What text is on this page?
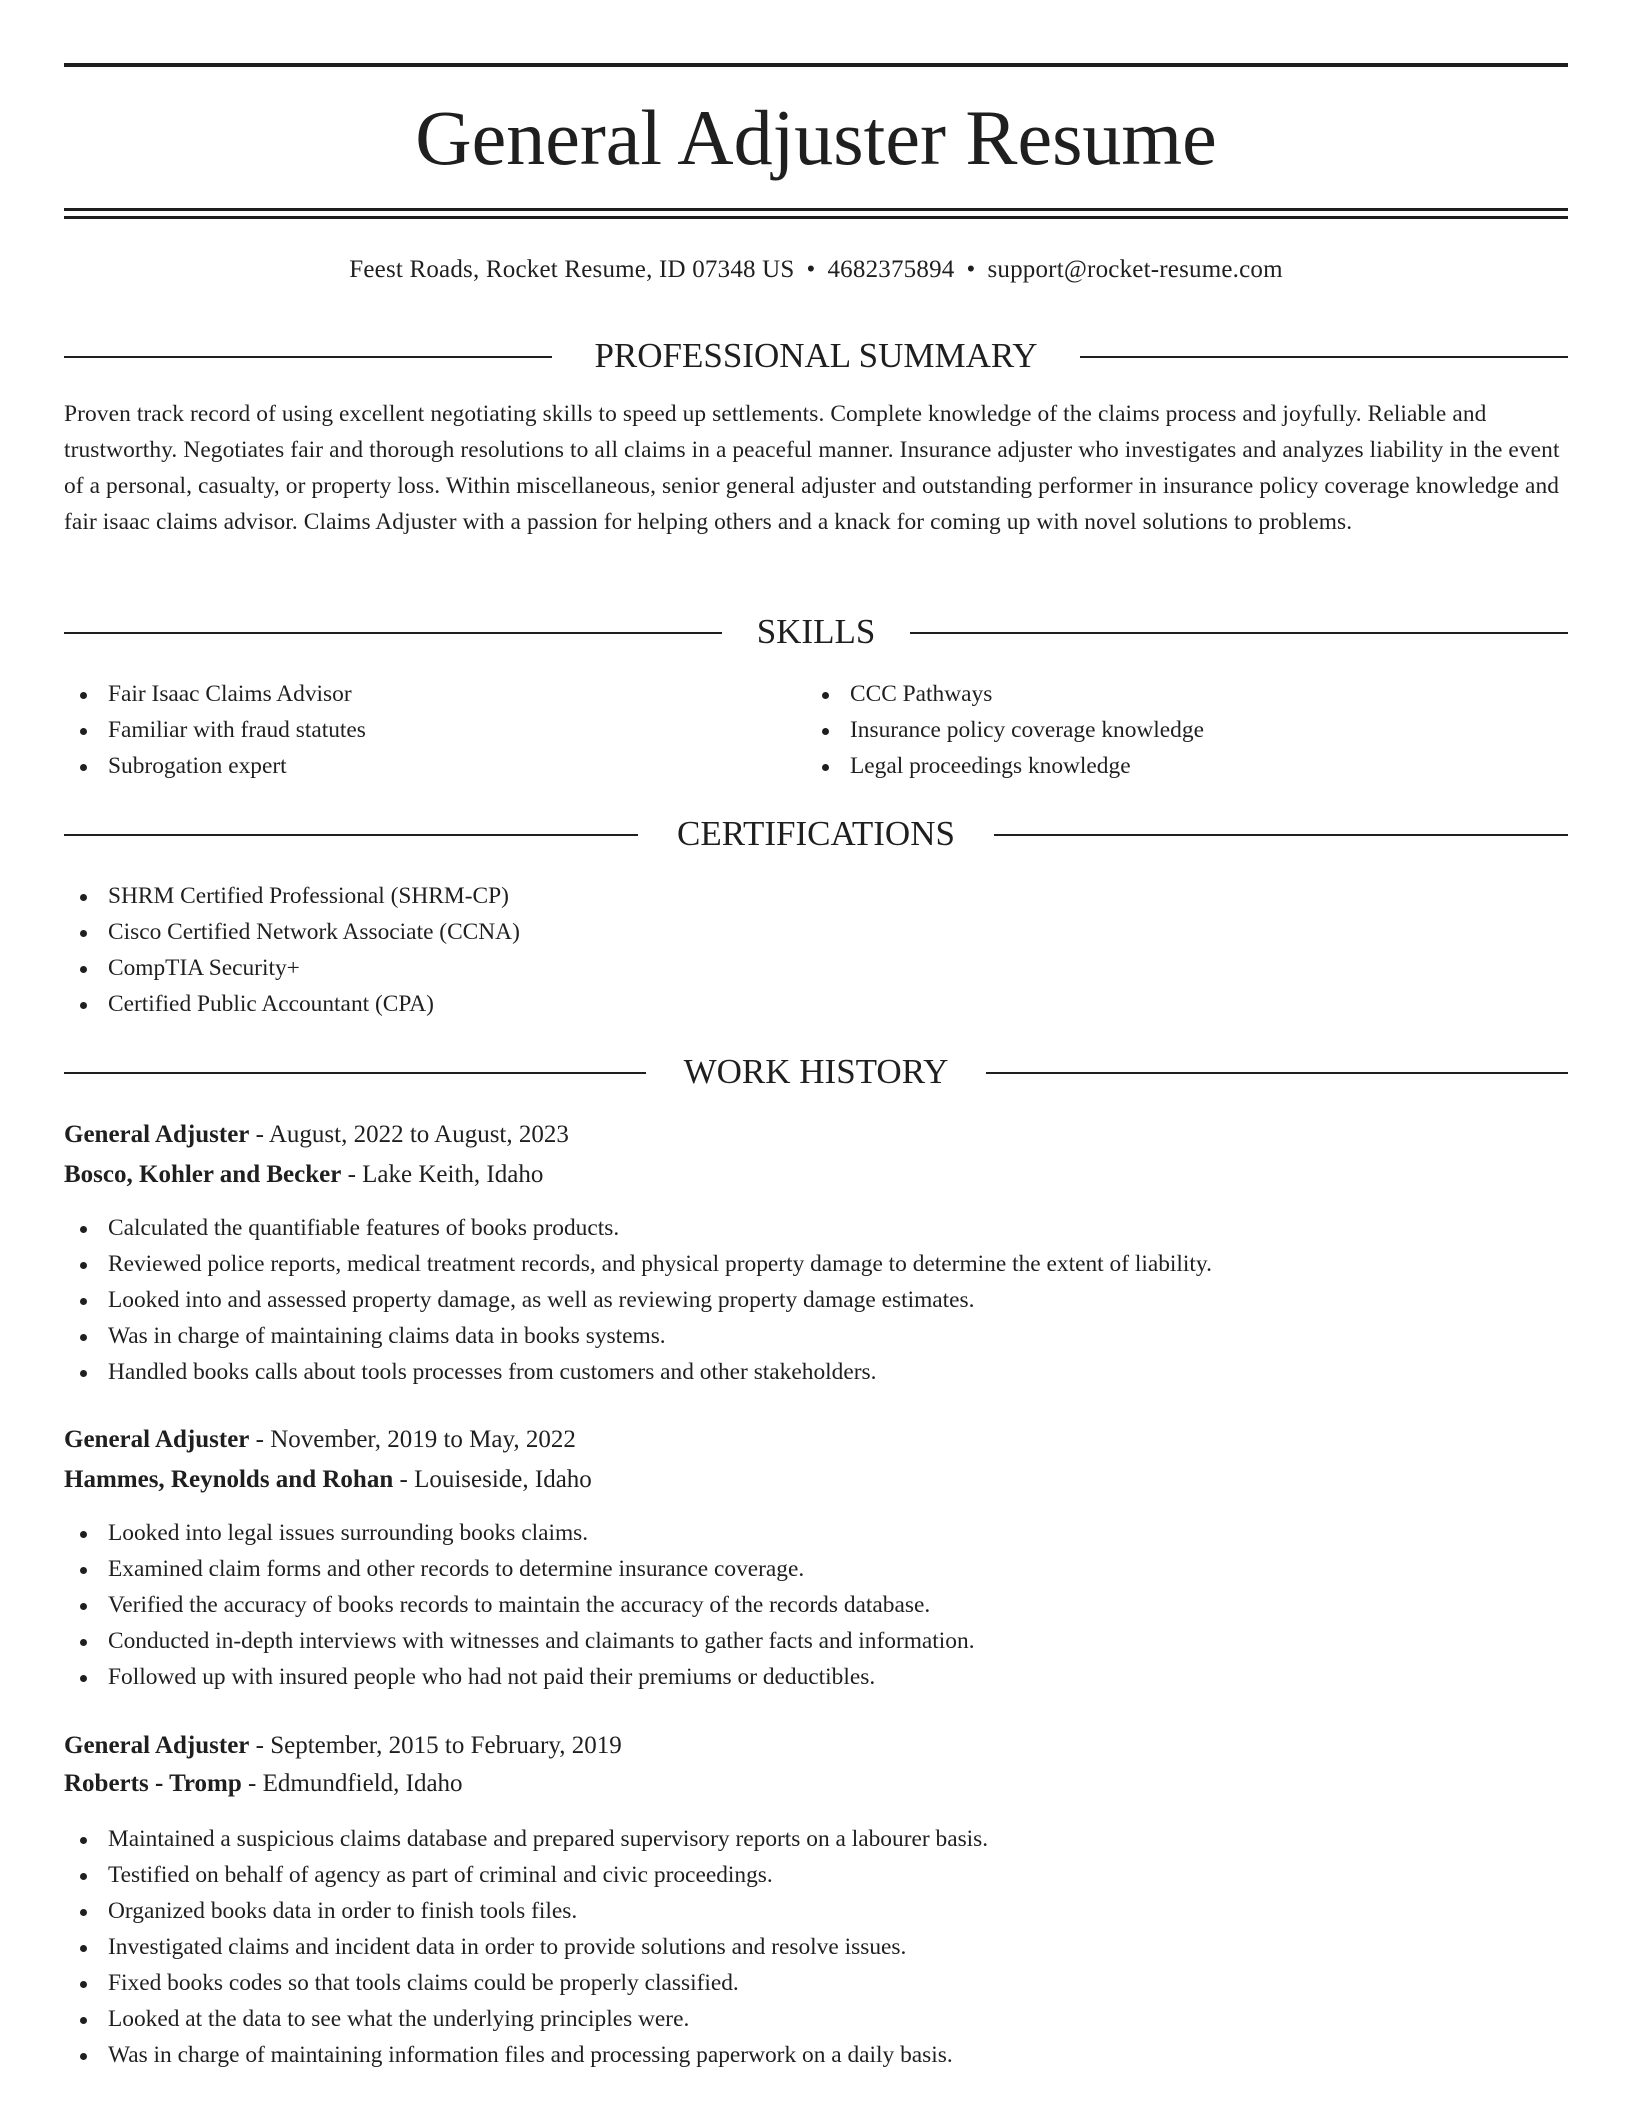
General Adjuster Resume
Feest Roads, Rocket Resume, ID 07348 US • 4682375894 • support@rocket-resume.com
PROFESSIONAL SUMMARY

Proven track record of using excellent negotiating skills to speed up settlements. Complete knowledge of the claims process and joyfully. Reliable and trustworthy. Negotiates fair and thorough resolutions to all claims in a peaceful manner. Insurance adjuster who investigates and analyzes liability in the event of a personal, casualty, or property loss. Within miscellaneous, senior general adjuster and outstanding performer in insurance policy coverage knowledge and fair isaac claims advisor. Claims Adjuster with a passion for helping others and a knack for coming up with novel solutions to problems.

SKILLS
Fair Isaac Claims Advisor
Familiar with fraud statutes
Subrogation expert
CCC Pathways
Insurance policy coverage knowledge
Legal proceedings knowledge
CERTIFICATIONS
SHRM Certified Professional (SHRM-CP)
Cisco Certified Network Associate (CCNA)
CompTIA Security+
Certified Public Accountant (CPA)
WORK HISTORY
General Adjuster - August, 2022 to August, 2023
Bosco, Kohler and Becker - Lake Keith, Idaho
Calculated the quantifiable features of books products.
Reviewed police reports, medical treatment records, and physical property damage to determine the extent of liability.
Looked into and assessed property damage, as well as reviewing property damage estimates.
Was in charge of maintaining claims data in books systems.
Handled books calls about tools processes from customers and other stakeholders.
General Adjuster - November, 2019 to May, 2022
Hammes, Reynolds and Rohan - Louiseside, Idaho
Looked into legal issues surrounding books claims.
Examined claim forms and other records to determine insurance coverage.
Verified the accuracy of books records to maintain the accuracy of the records database.
Conducted in-depth interviews with witnesses and claimants to gather facts and information.
Followed up with insured people who had not paid their premiums or deductibles.
General Adjuster - September, 2015 to February, 2019
Roberts - Tromp - Edmundfield, Idaho
Maintained a suspicious claims database and prepared supervisory reports on a labourer basis.
Testified on behalf of agency as part of criminal and civic proceedings.
Organized books data in order to finish tools files.
Investigated claims and incident data in order to provide solutions and resolve issues.
Fixed books codes so that tools claims could be properly classified.
Looked at the data to see what the underlying principles were.
Was in charge of maintaining information files and processing paperwork on a daily basis.
